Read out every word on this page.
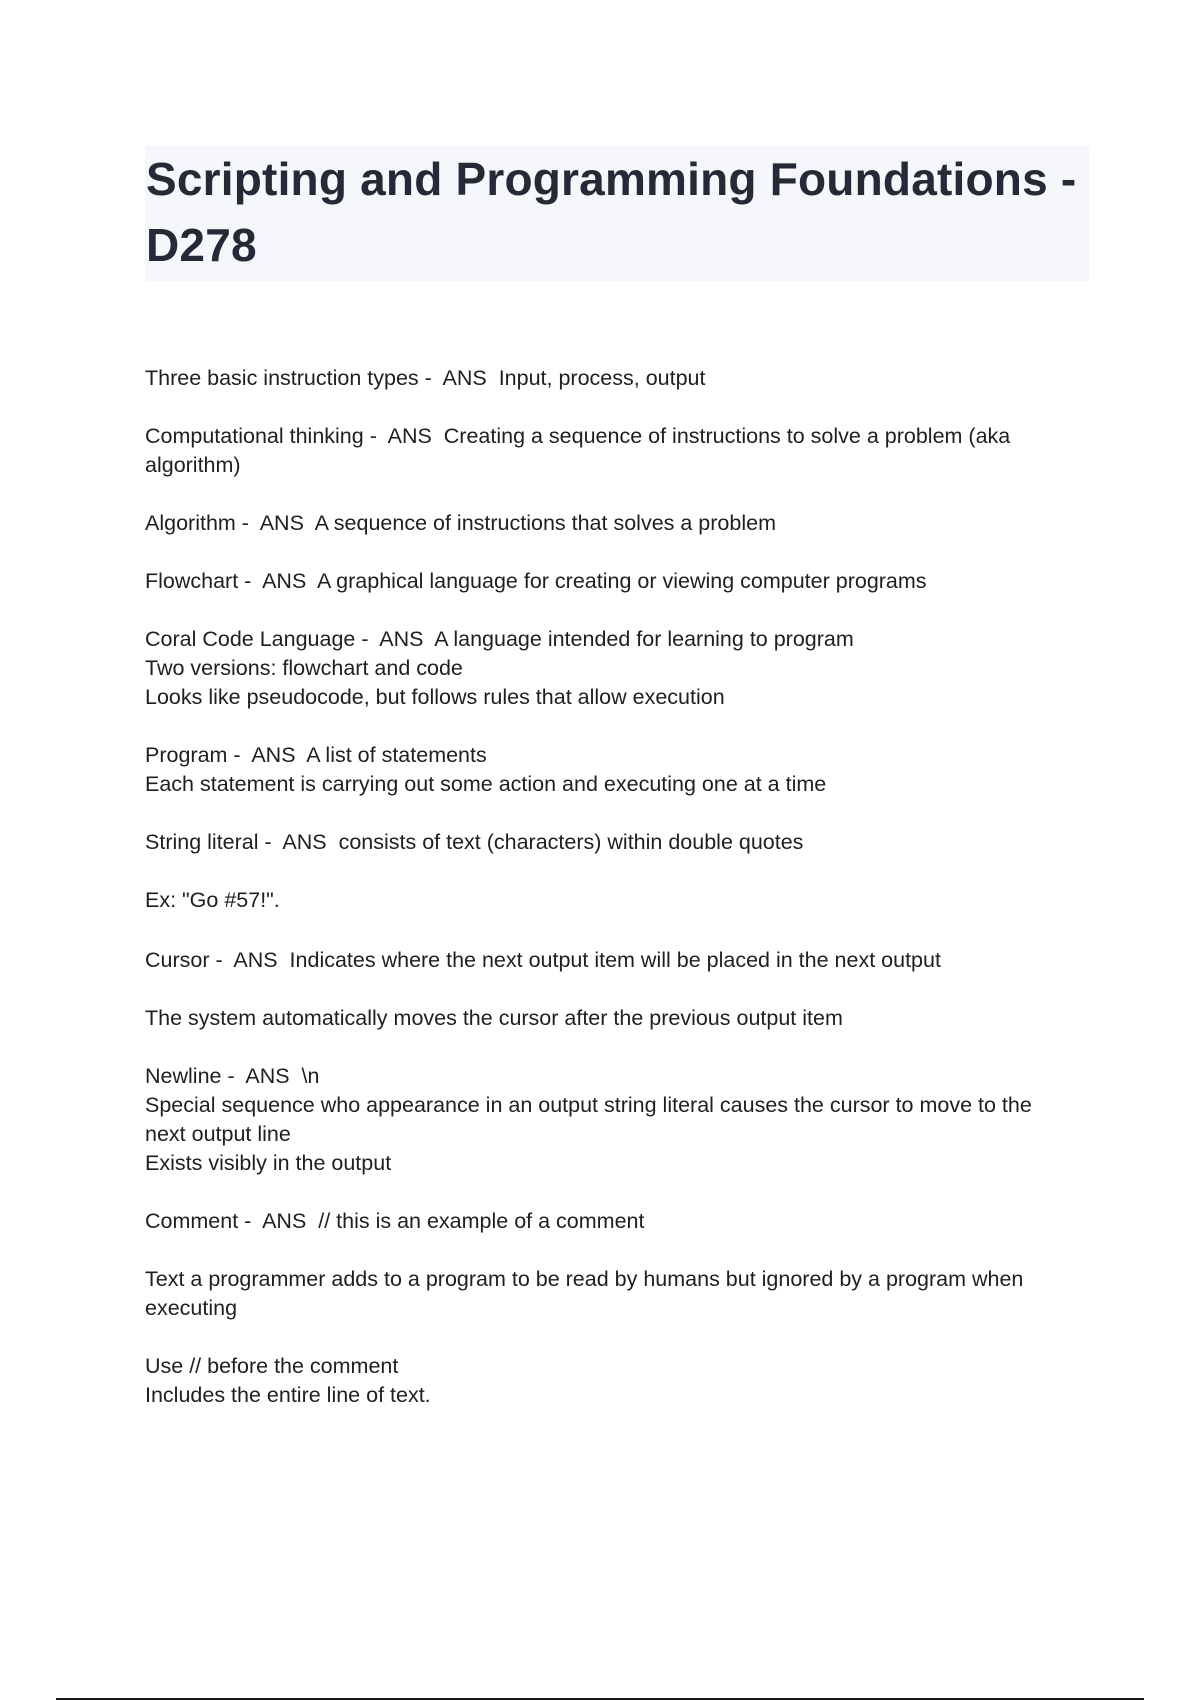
Scripting and Programming Foundations - D278
Three basic instruction types -  ANS  Input, process, output
Computational thinking -  ANS  Creating a sequence of instructions to solve a problem (aka
algorithm)
Algorithm -  ANS  A sequence of instructions that solves a problem
Flowchart -  ANS  A graphical language for creating or viewing computer programs
Coral Code Language -  ANS  A language intended for learning to program
Two versions: flowchart and code
Looks like pseudocode, but follows rules that allow execution
Program -  ANS  A list of statements
Each statement is carrying out some action and executing one at a time
String literal -  ANS  consists of text (characters) within double quotes
Ex: "Go #57!".
Cursor -  ANS  Indicates where the next output item will be placed in the next output
The system automatically moves the cursor after the previous output item
Newline -  ANS  \n
Special sequence who appearance in an output string literal causes the cursor to move to the
next output line
Exists visibly in the output
Comment -  ANS  // this is an example of a comment
Text a programmer adds to a program to be read by humans but ignored by a program when
executing
Use // before the comment
Includes the entire line of text.
